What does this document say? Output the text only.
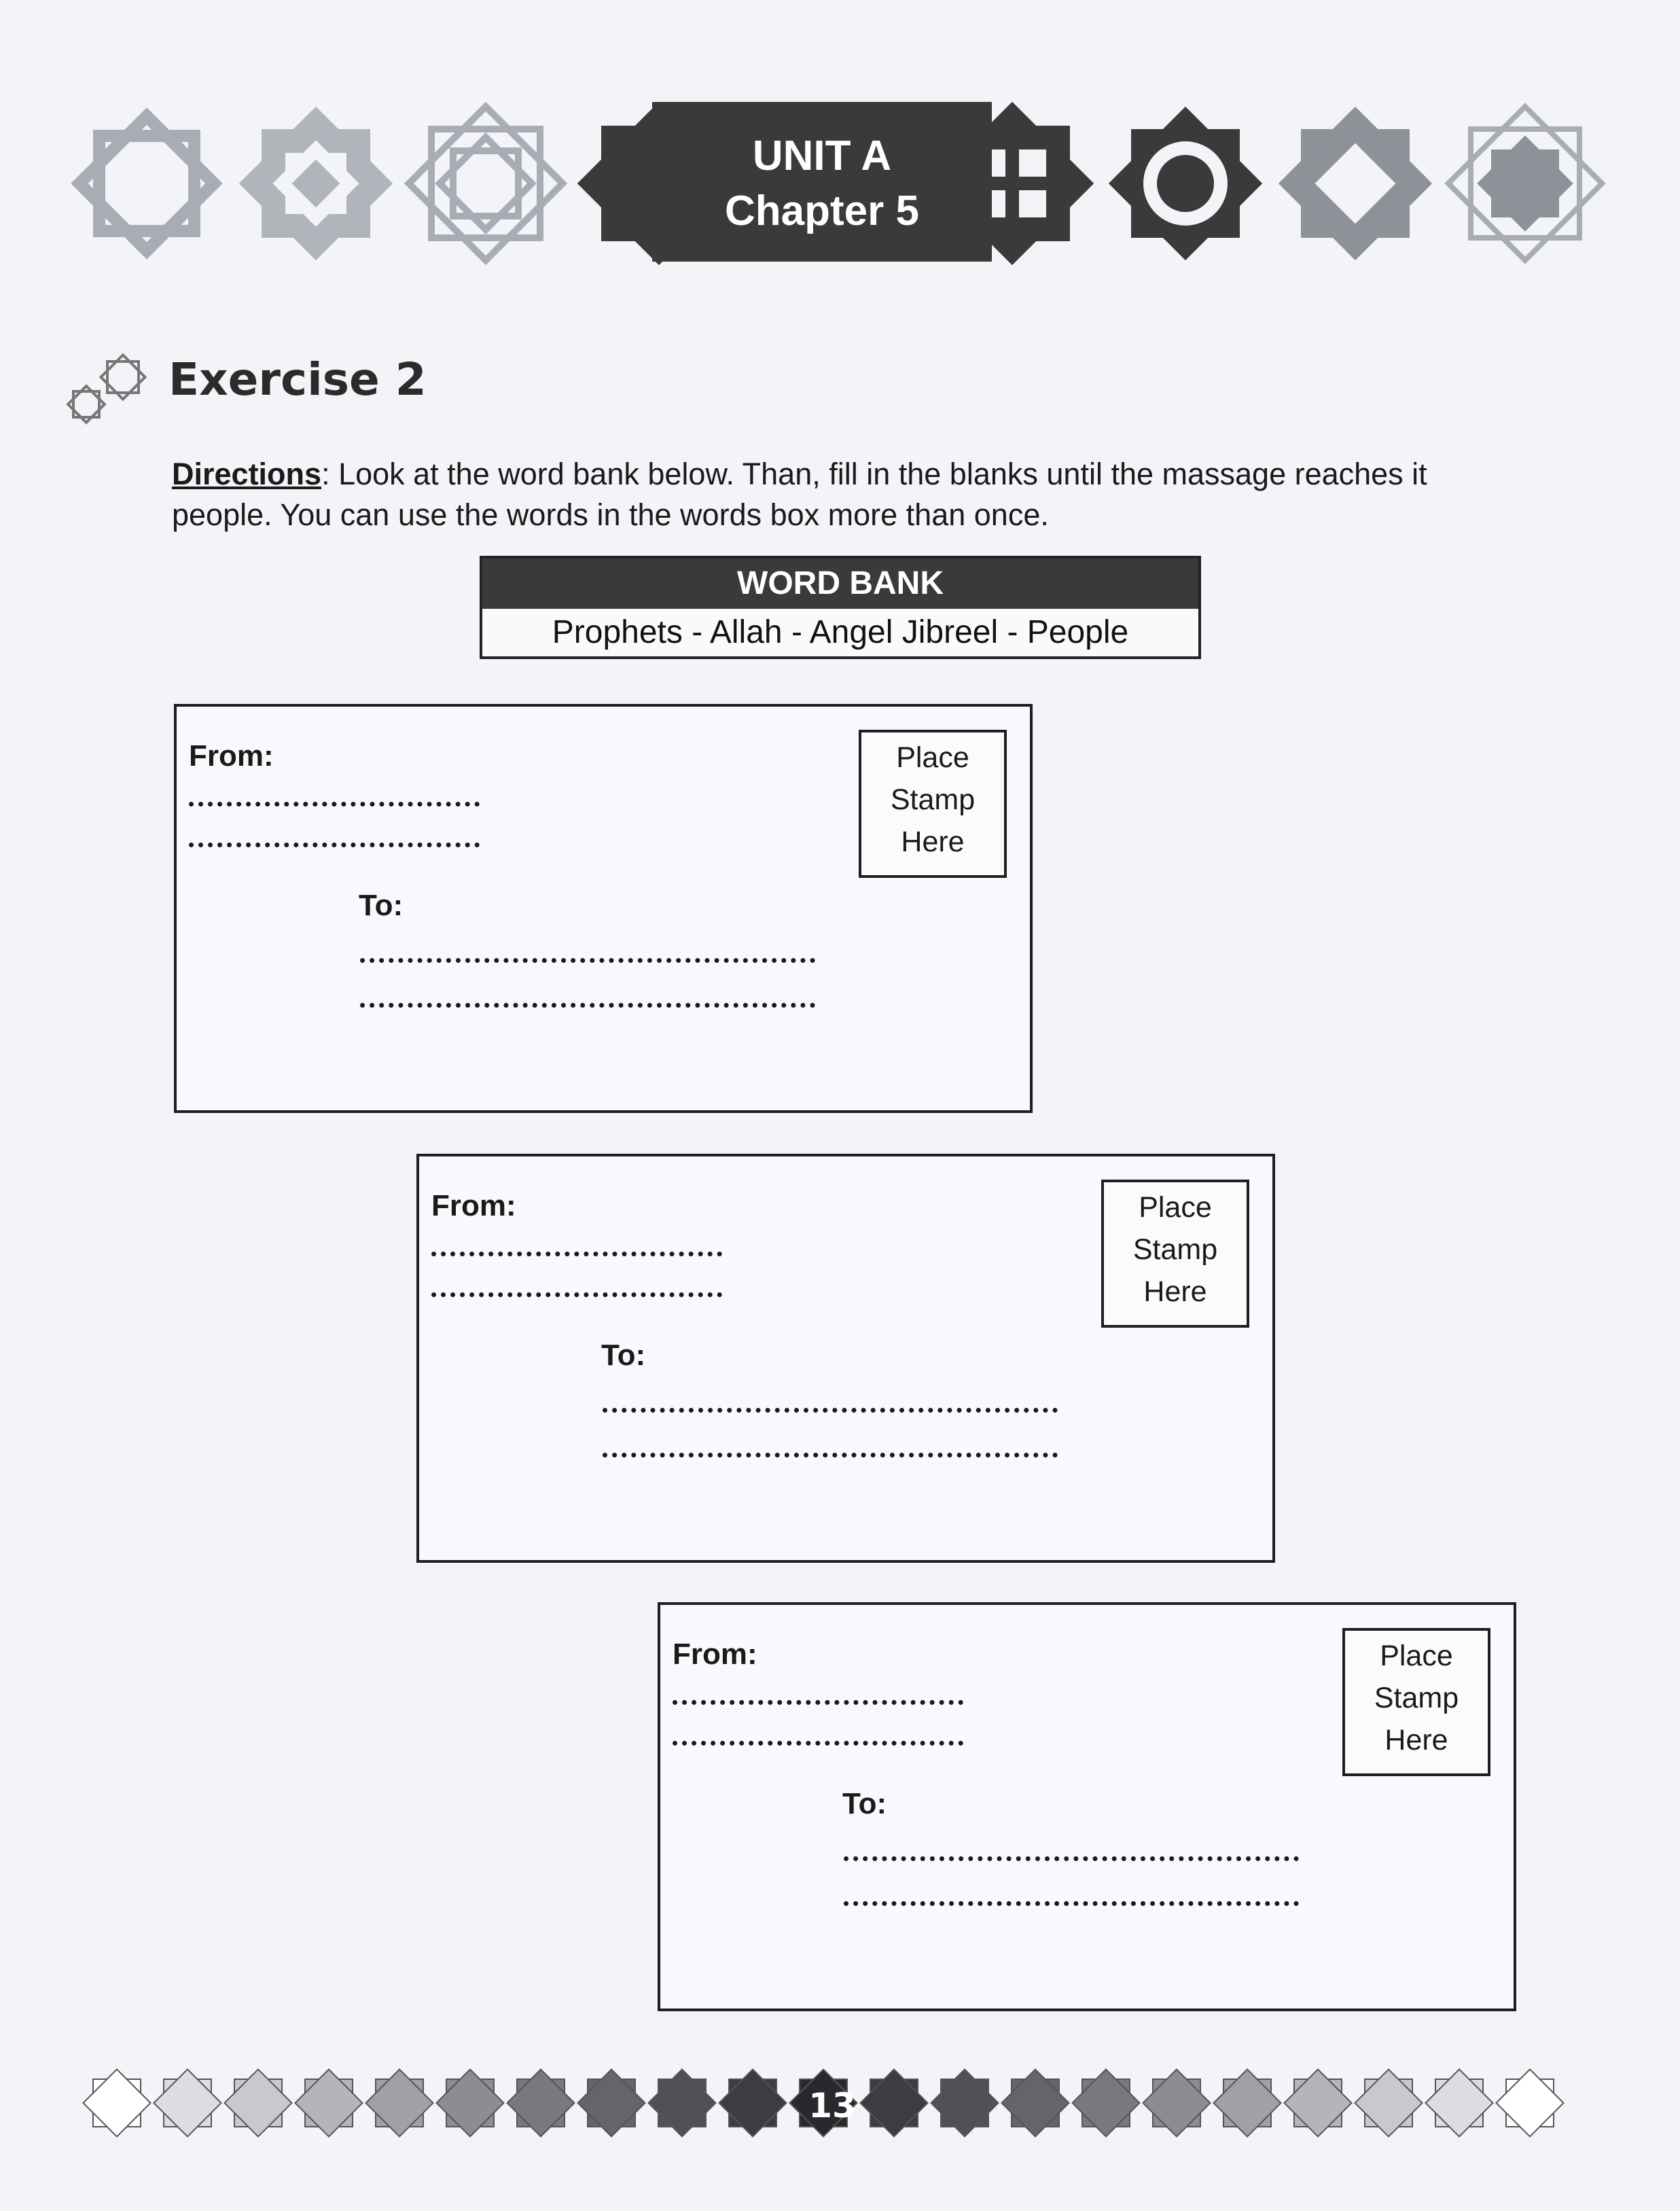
UNIT A
Chapter 5
Exercise 2
Directions: Look at the word bank below. Than, fill in the blanks until the massage reaches it people. You can use the words in the words box more than once.
WORD BANK
Prophets - Allah - Angel Jibreel - People
From:
To:
Place
Stamp
Here
From:
To:
Place
Stamp
Here
From:
To:
Place
Stamp
Here
13
